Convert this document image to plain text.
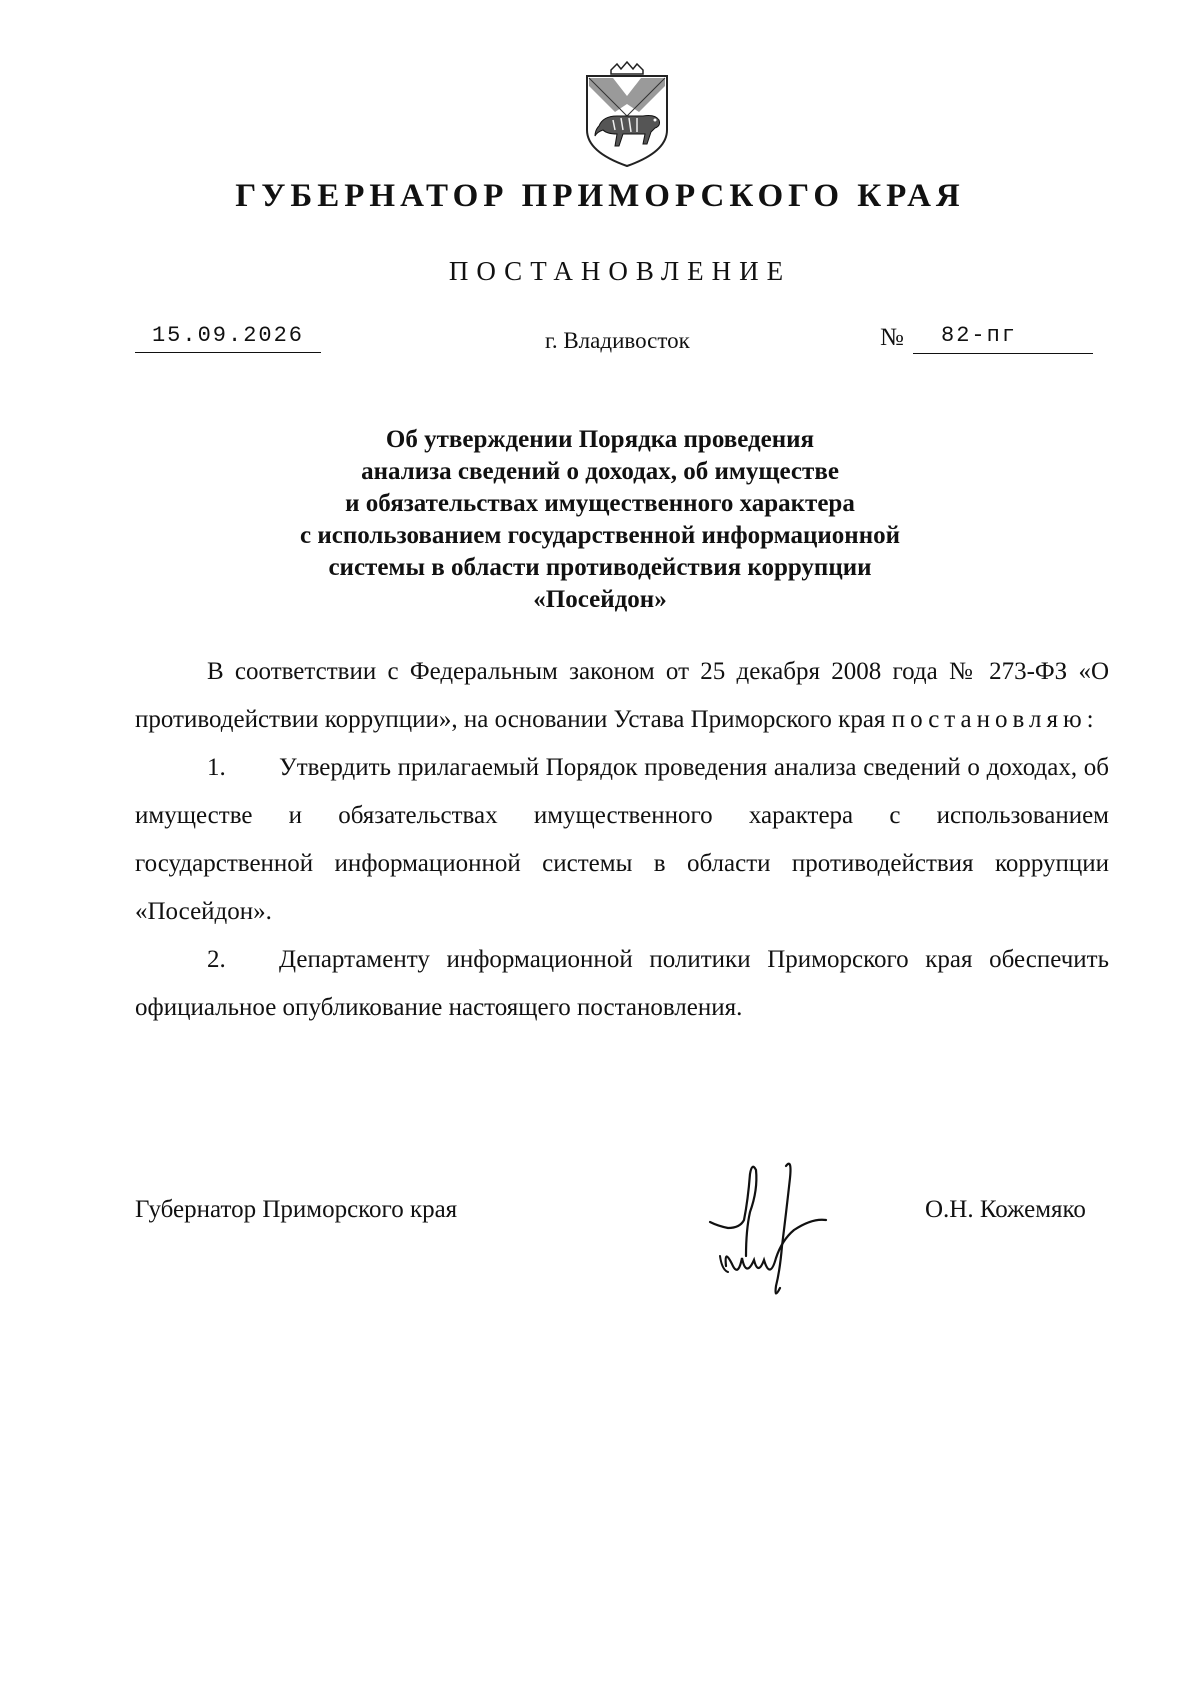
ГУБЕРНАТОР ПРИМОРСКОГО КРАЯ
ПОСТАНОВЛЕНИЕ
15.09.2026	г. Владивосток	№	82-пг
Об утверждении Порядка проведения
анализа сведений о доходах, об имуществе
и обязательствах имущественного характера
с использованием государственной информационной
системы в области противодействия коррупции
«Посейдон»

В соответствии с Федеральным законом от 25 декабря 2008 года № 273-ФЗ «О противодействии коррупции», на основании Устава Приморского края постановляю:

1. Утвердить прилагаемый Порядок проведения анализа сведений о доходах, об имуществе и обязательствах имущественного характера с использованием государственной информационной системы в области противодействия коррупции «Посейдон».

2. Департаменту информационной политики Приморского края обеспечить официальное опубликование настоящего постановления.

Губернатор Приморского края	О.Н. Кожемяко
